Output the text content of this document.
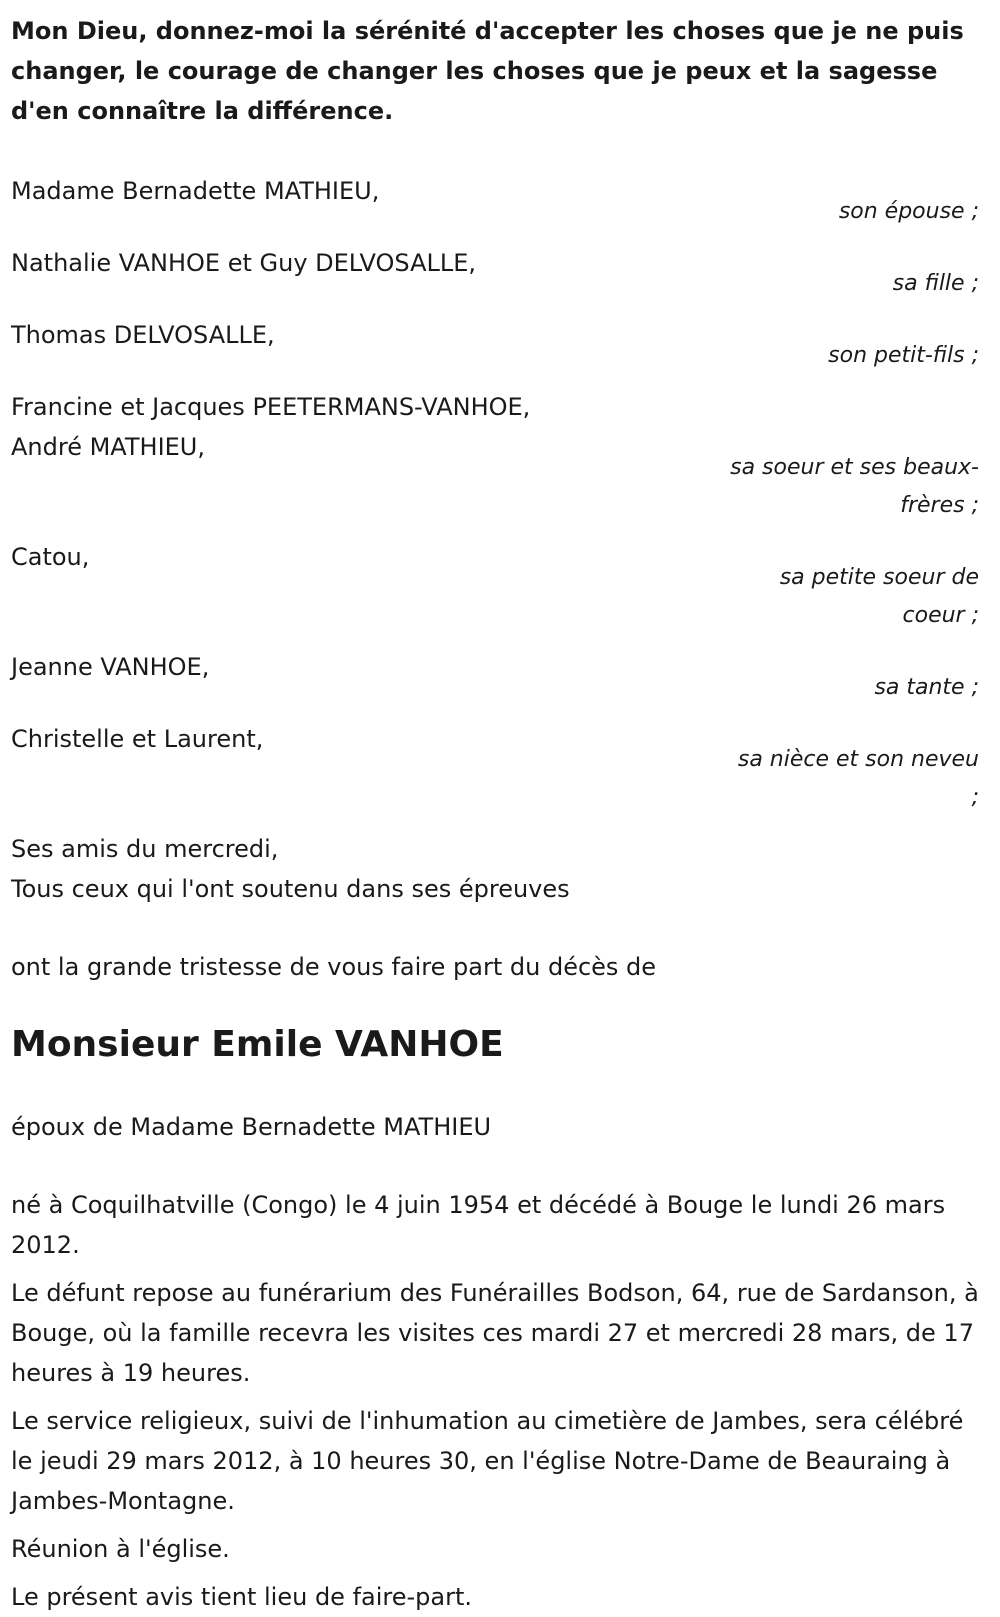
Mon Dieu, donnez-moi la sérénité d'accepter les choses que je ne puis changer, le courage de changer les choses que je peux et la sagesse d'en connaître la différence.

Madame Bernadette MATHIEU,
son épouse ;
Nathalie VANHOE et Guy DELVOSALLE,
sa fille ;
Thomas DELVOSALLE,
son petit-fils ;
Francine et Jacques PEETERMANS-VANHOE,
André MATHIEU,
sa soeur et ses beaux-frères ;
Catou,
sa petite soeur de coeur ;
Jeanne VANHOE,
sa tante ;
Christelle et Laurent,
sa nièce et son neveu ;
Ses amis du mercredi,
Tous ceux qui l'ont soutenu dans ses épreuves
ont la grande tristesse de vous faire part du décès de
Monsieur Emile VANHOE
époux de Madame Bernadette MATHIEU
né à Coquilhatville (Congo) le 4 juin 1954 et décédé à Bouge le lundi 26 mars 2012.
Le défunt repose au funérarium des Funérailles Bodson, 64, rue de Sardanson, à Bouge, où la famille recevra les visites ces mardi 27 et mercredi 28 mars, de 17 heures à 19 heures.
Le service religieux, suivi de l'inhumation au cimetière de Jambes, sera célébré le jeudi 29 mars 2012, à 10 heures 30, en l'église Notre-Dame de Beauraing à Jambes-Montagne.
Réunion à l'église.
Le présent avis tient lieu de faire-part.
